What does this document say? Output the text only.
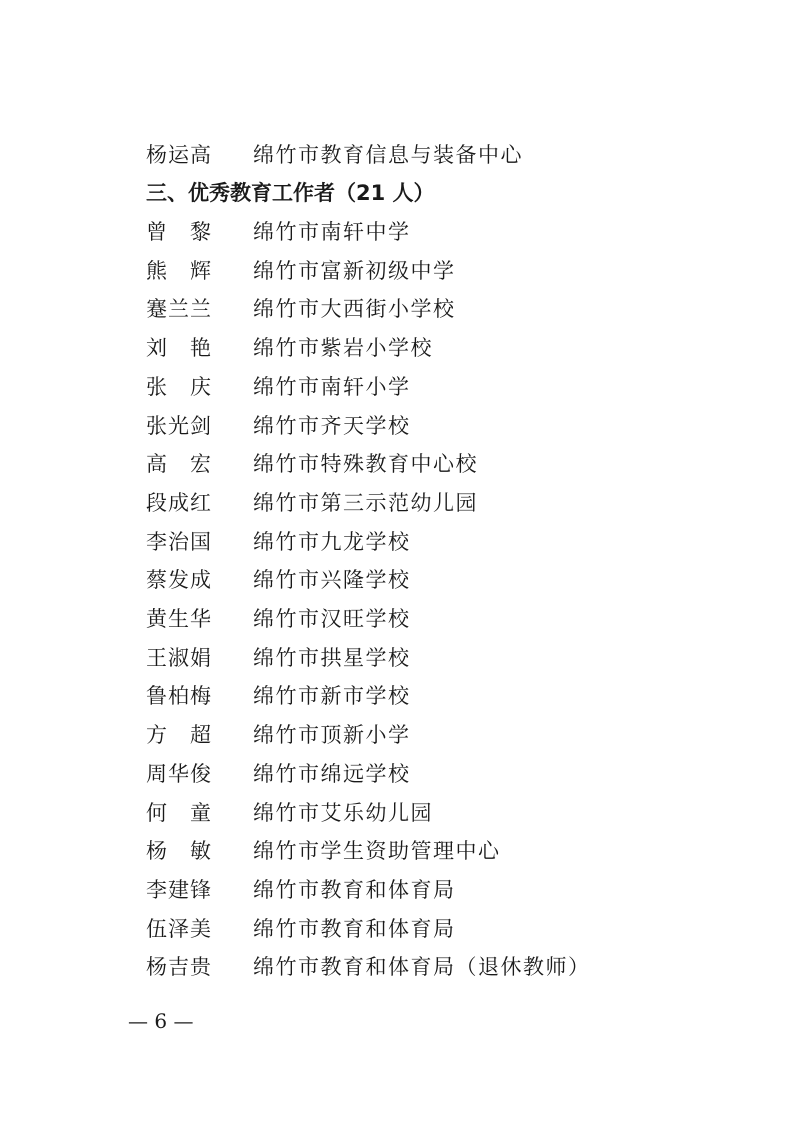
杨运高 绵竹市教育信息与装备中心
三、优秀教育工作者（21 人）
曾　黎 绵竹市南轩中学
熊　辉 绵竹市富新初级中学
蹇兰兰 绵竹市大西街小学校
刘　艳 绵竹市紫岩小学校
张　庆 绵竹市南轩小学
张光剑 绵竹市齐天学校
高　宏 绵竹市特殊教育中心校
段成红 绵竹市第三示范幼儿园
李治国 绵竹市九龙学校
蔡发成 绵竹市兴隆学校
黄生华 绵竹市汉旺学校
王淑娟 绵竹市拱星学校
鲁柏梅 绵竹市新市学校
方　超 绵竹市顶新小学
周华俊 绵竹市绵远学校
何　童 绵竹市艾乐幼儿园
杨　敏 绵竹市学生资助管理中心
李建锋 绵竹市教育和体育局
伍泽美 绵竹市教育和体育局
杨吉贵 绵竹市教育和体育局（退休教师）
— 6 —
